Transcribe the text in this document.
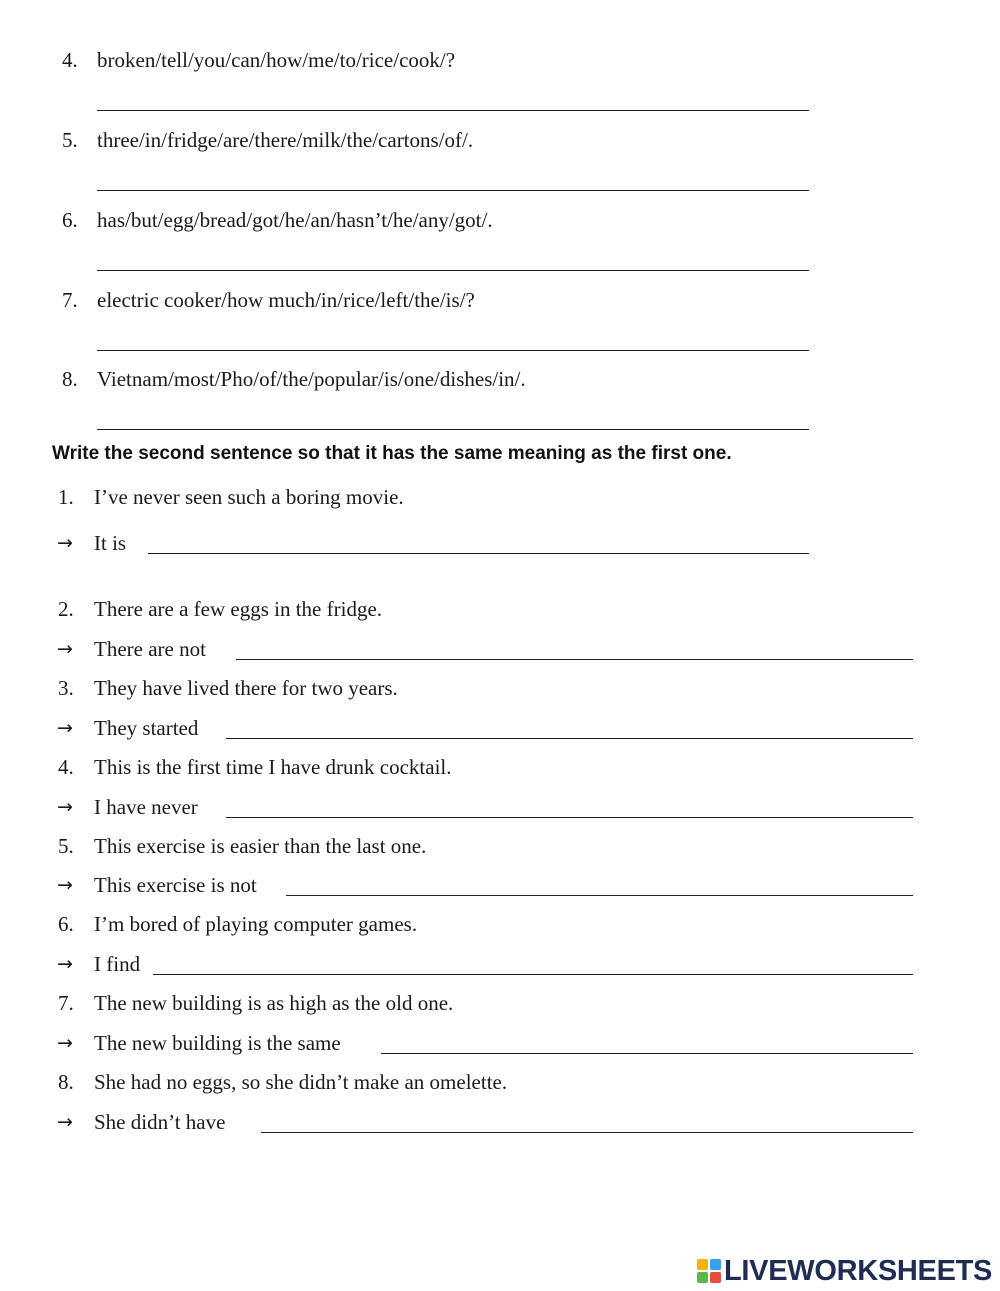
4. broken/tell/you/can/how/me/to/rice/cook/?
5. three/in/fridge/are/there/milk/the/cartons/of/.
6. has/but/egg/bread/got/he/an/hasn’t/he/any/got/.
7. electric cooker/how much/in/rice/left/the/is/?
8. Vietnam/most/Pho/of/the/popular/is/one/dishes/in/.
Write the second sentence so that it has the same meaning as the first one.
1. I’ve never seen such a boring movie.
→ It is
2. There are a few eggs in the fridge.
→ There are not
3. They have lived there for two years.
→ They started
4. This is the first time I have drunk cocktail.
→ I have never
5. This exercise is easier than the last one.
→ This exercise is not
6. I’m bored of playing computer games.
→ I find
7. The new building is as high as the old one.
→ The new building is the same
8. She had no eggs, so she didn’t make an omelette.
→ She didn’t have
LIVEWORKSHEETS
